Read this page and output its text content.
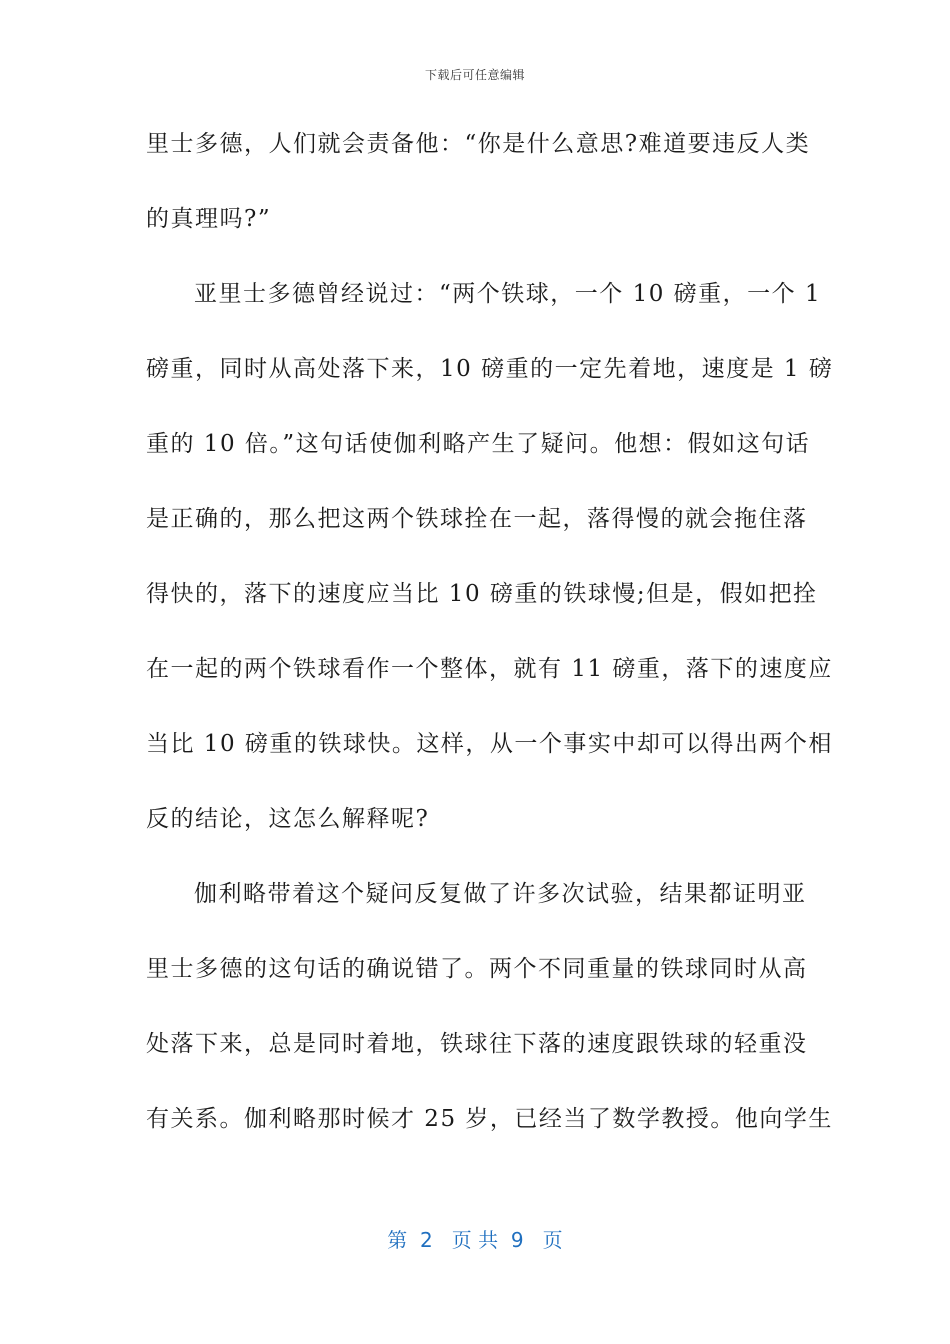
下载后可任意编辑
里士多德，人们就会责备他：“你是什么意思?难道要违反人类
的真理吗?”
亚里士多德曾经说过：“两个铁球，一个 10 磅重，一个 1
磅重，同时从高处落下来，10 磅重的一定先着地，速度是 1 磅
重的 10 倍。”这句话使伽利略产生了疑问。他想：假如这句话
是正确的，那么把这两个铁球拴在一起，落得慢的就会拖住落
得快的，落下的速度应当比 10 磅重的铁球慢;但是，假如把拴
在一起的两个铁球看作一个整体，就有 11 磅重，落下的速度应
当比 10 磅重的铁球快。这样，从一个事实中却可以得出两个相
反的结论，这怎么解释呢?
伽利略带着这个疑问反复做了许多次试验，结果都证明亚
里士多德的这句话的确说错了。两个不同重量的铁球同时从高
处落下来，总是同时着地，铁球往下落的速度跟铁球的轻重没
有关系。伽利略那时候才 25 岁，已经当了数学教授。他向学生
第  2   页 共  9   页
